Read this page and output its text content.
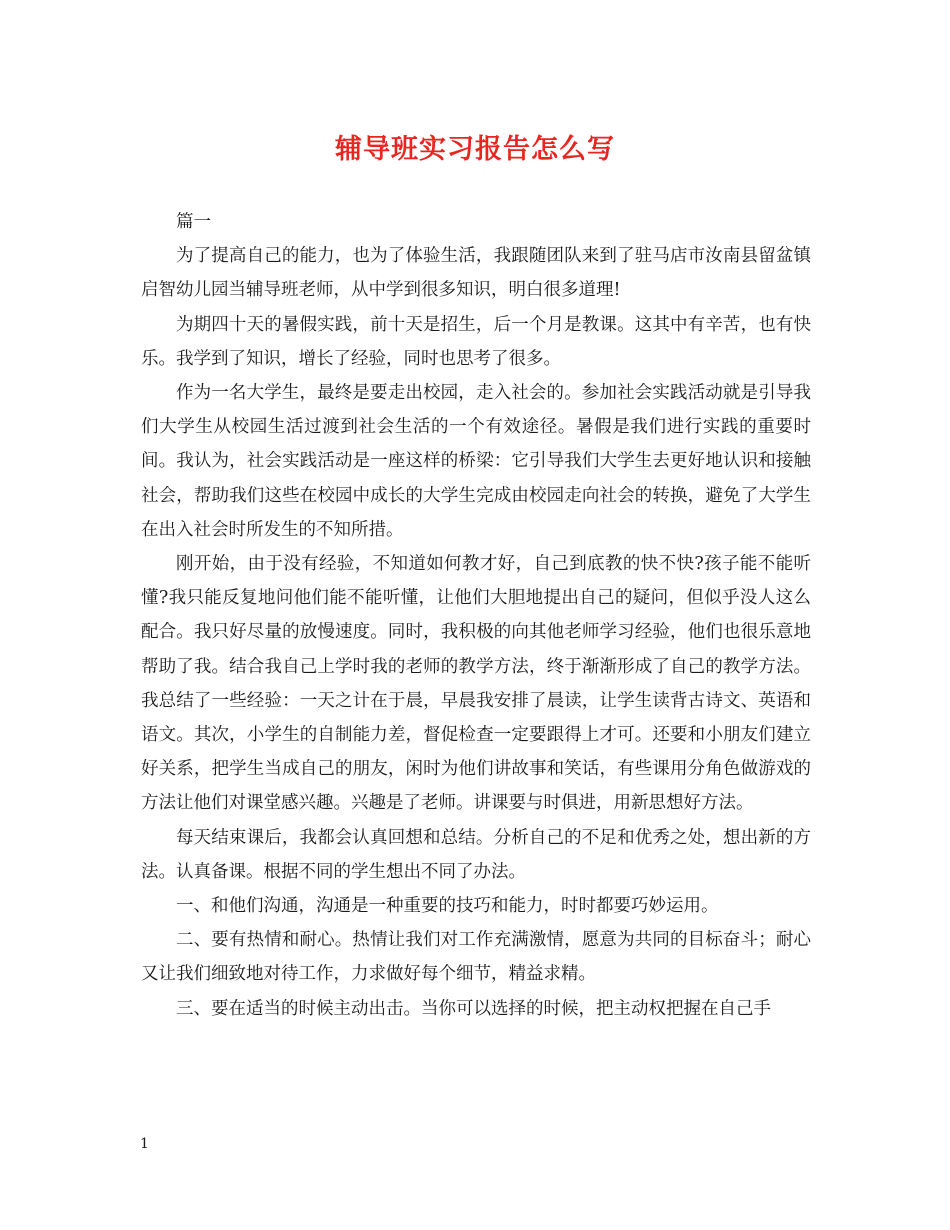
辅导班实习报告怎么写

篇一

为了提高自己的能力，也为了体验生活，我跟随团队来到了驻马店市汝南县留盆镇启智幼儿园当辅导班老师，从中学到很多知识，明白很多道理!

为期四十天的暑假实践，前十天是招生，后一个月是教课。这其中有辛苦，也有快乐。我学到了知识，增长了经验，同时也思考了很多。

作为一名大学生，最终是要走出校园，走入社会的。参加社会实践活动就是引导我们大学生从校园生活过渡到社会生活的一个有效途径。暑假是我们进行实践的重要时间。我认为，社会实践活动是一座这样的桥梁：它引导我们大学生去更好地认识和接触社会，帮助我们这些在校园中成长的大学生完成由校园走向社会的转换，避免了大学生在出入社会时所发生的不知所措。

刚开始，由于没有经验，不知道如何教才好，自己到底教的快不快?孩子能不能听懂?我只能反复地问他们能不能听懂，让他们大胆地提出自己的疑问，但似乎没人这么配合。我只好尽量的放慢速度。同时，我积极的向其他老师学习经验，他们也很乐意地帮助了我。结合我自己上学时我的老师的教学方法，终于渐渐形成了自己的教学方法。我总结了一些经验：一天之计在于晨，早晨我安排了晨读，让学生读背古诗文、英语和语文。其次，小学生的自制能力差，督促检查一定要跟得上才可。还要和小朋友们建立好关系，把学生当成自己的朋友，闲时为他们讲故事和笑话，有些课用分角色做游戏的方法让他们对课堂感兴趣。兴趣是了老师。讲课要与时俱进，用新思想好方法。

每天结束课后，我都会认真回想和总结。分析自己的不足和优秀之处，想出新的方法。认真备课。根据不同的学生想出不同了办法。

一、和他们沟通，沟通是一种重要的技巧和能力，时时都要巧妙运用。

二、要有热情和耐心。热情让我们对工作充满激情，愿意为共同的目标奋斗；耐心又让我们细致地对待工作，力求做好每个细节，精益求精。

三、要在适当的时候主动出击。当你可以选择的时候，把主动权把握在自己手

1
